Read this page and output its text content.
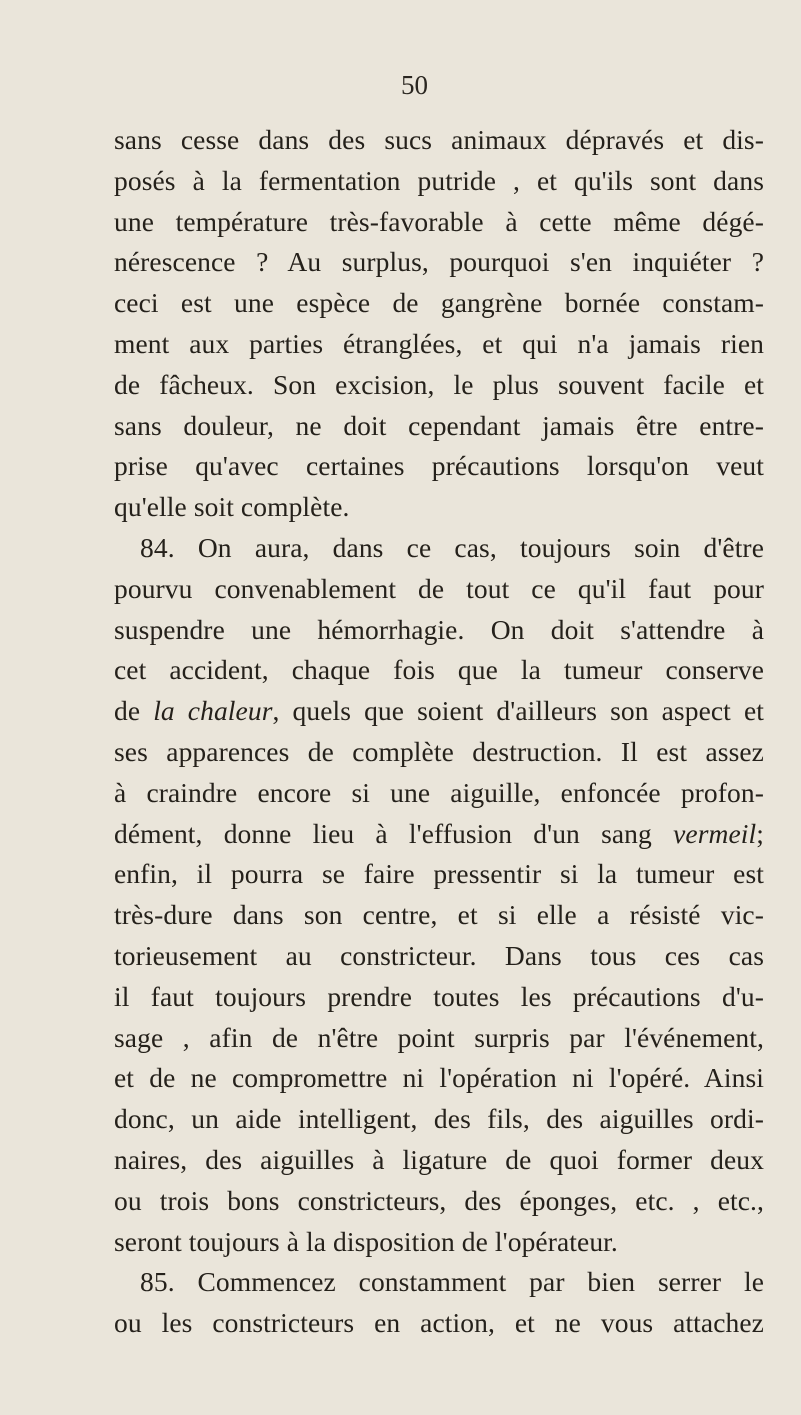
50
sans cesse dans des sucs animaux dépravés et dis-
posés à la fermentation putride , et qu'ils sont dans
une température très-favorable à cette même dégé-
nérescence ? Au surplus, pourquoi s'en inquiéter ?
ceci est une espèce de gangrène bornée constam-
ment aux parties étranglées, et qui n'a jamais rien
de fâcheux. Son excision, le plus souvent facile et
sans douleur, ne doit cependant jamais être entre-
prise qu'avec certaines précautions lorsqu'on veut
qu'elle soit complète.
84. On aura, dans ce cas, toujours soin d'être
pourvu convenablement de tout ce qu'il faut pour
suspendre une hémorrhagie. On doit s'attendre à
cet accident, chaque fois que la tumeur conserve
de la chaleur, quels que soient d'ailleurs son aspect et
ses apparences de complète destruction. Il est assez
à craindre encore si une aiguille, enfoncée profon-
dément, donne lieu à l'effusion d'un sang vermeil;
enfin, il pourra se faire pressentir si la tumeur est
très-dure dans son centre, et si elle a résisté vic-
torieusement au constricteur. Dans tous ces cas
il faut toujours prendre toutes les précautions d'u-
sage , afin de n'être point surpris par l'événement,
et de ne compromettre ni l'opération ni l'opéré. Ainsi
donc, un aide intelligent, des fils, des aiguilles ordi-
naires, des aiguilles à ligature de quoi former deux
ou trois bons constricteurs, des éponges, etc. , etc.,
seront toujours à la disposition de l'opérateur.
85. Commencez constamment par bien serrer le
ou les constricteurs en action, et ne vous attachez
